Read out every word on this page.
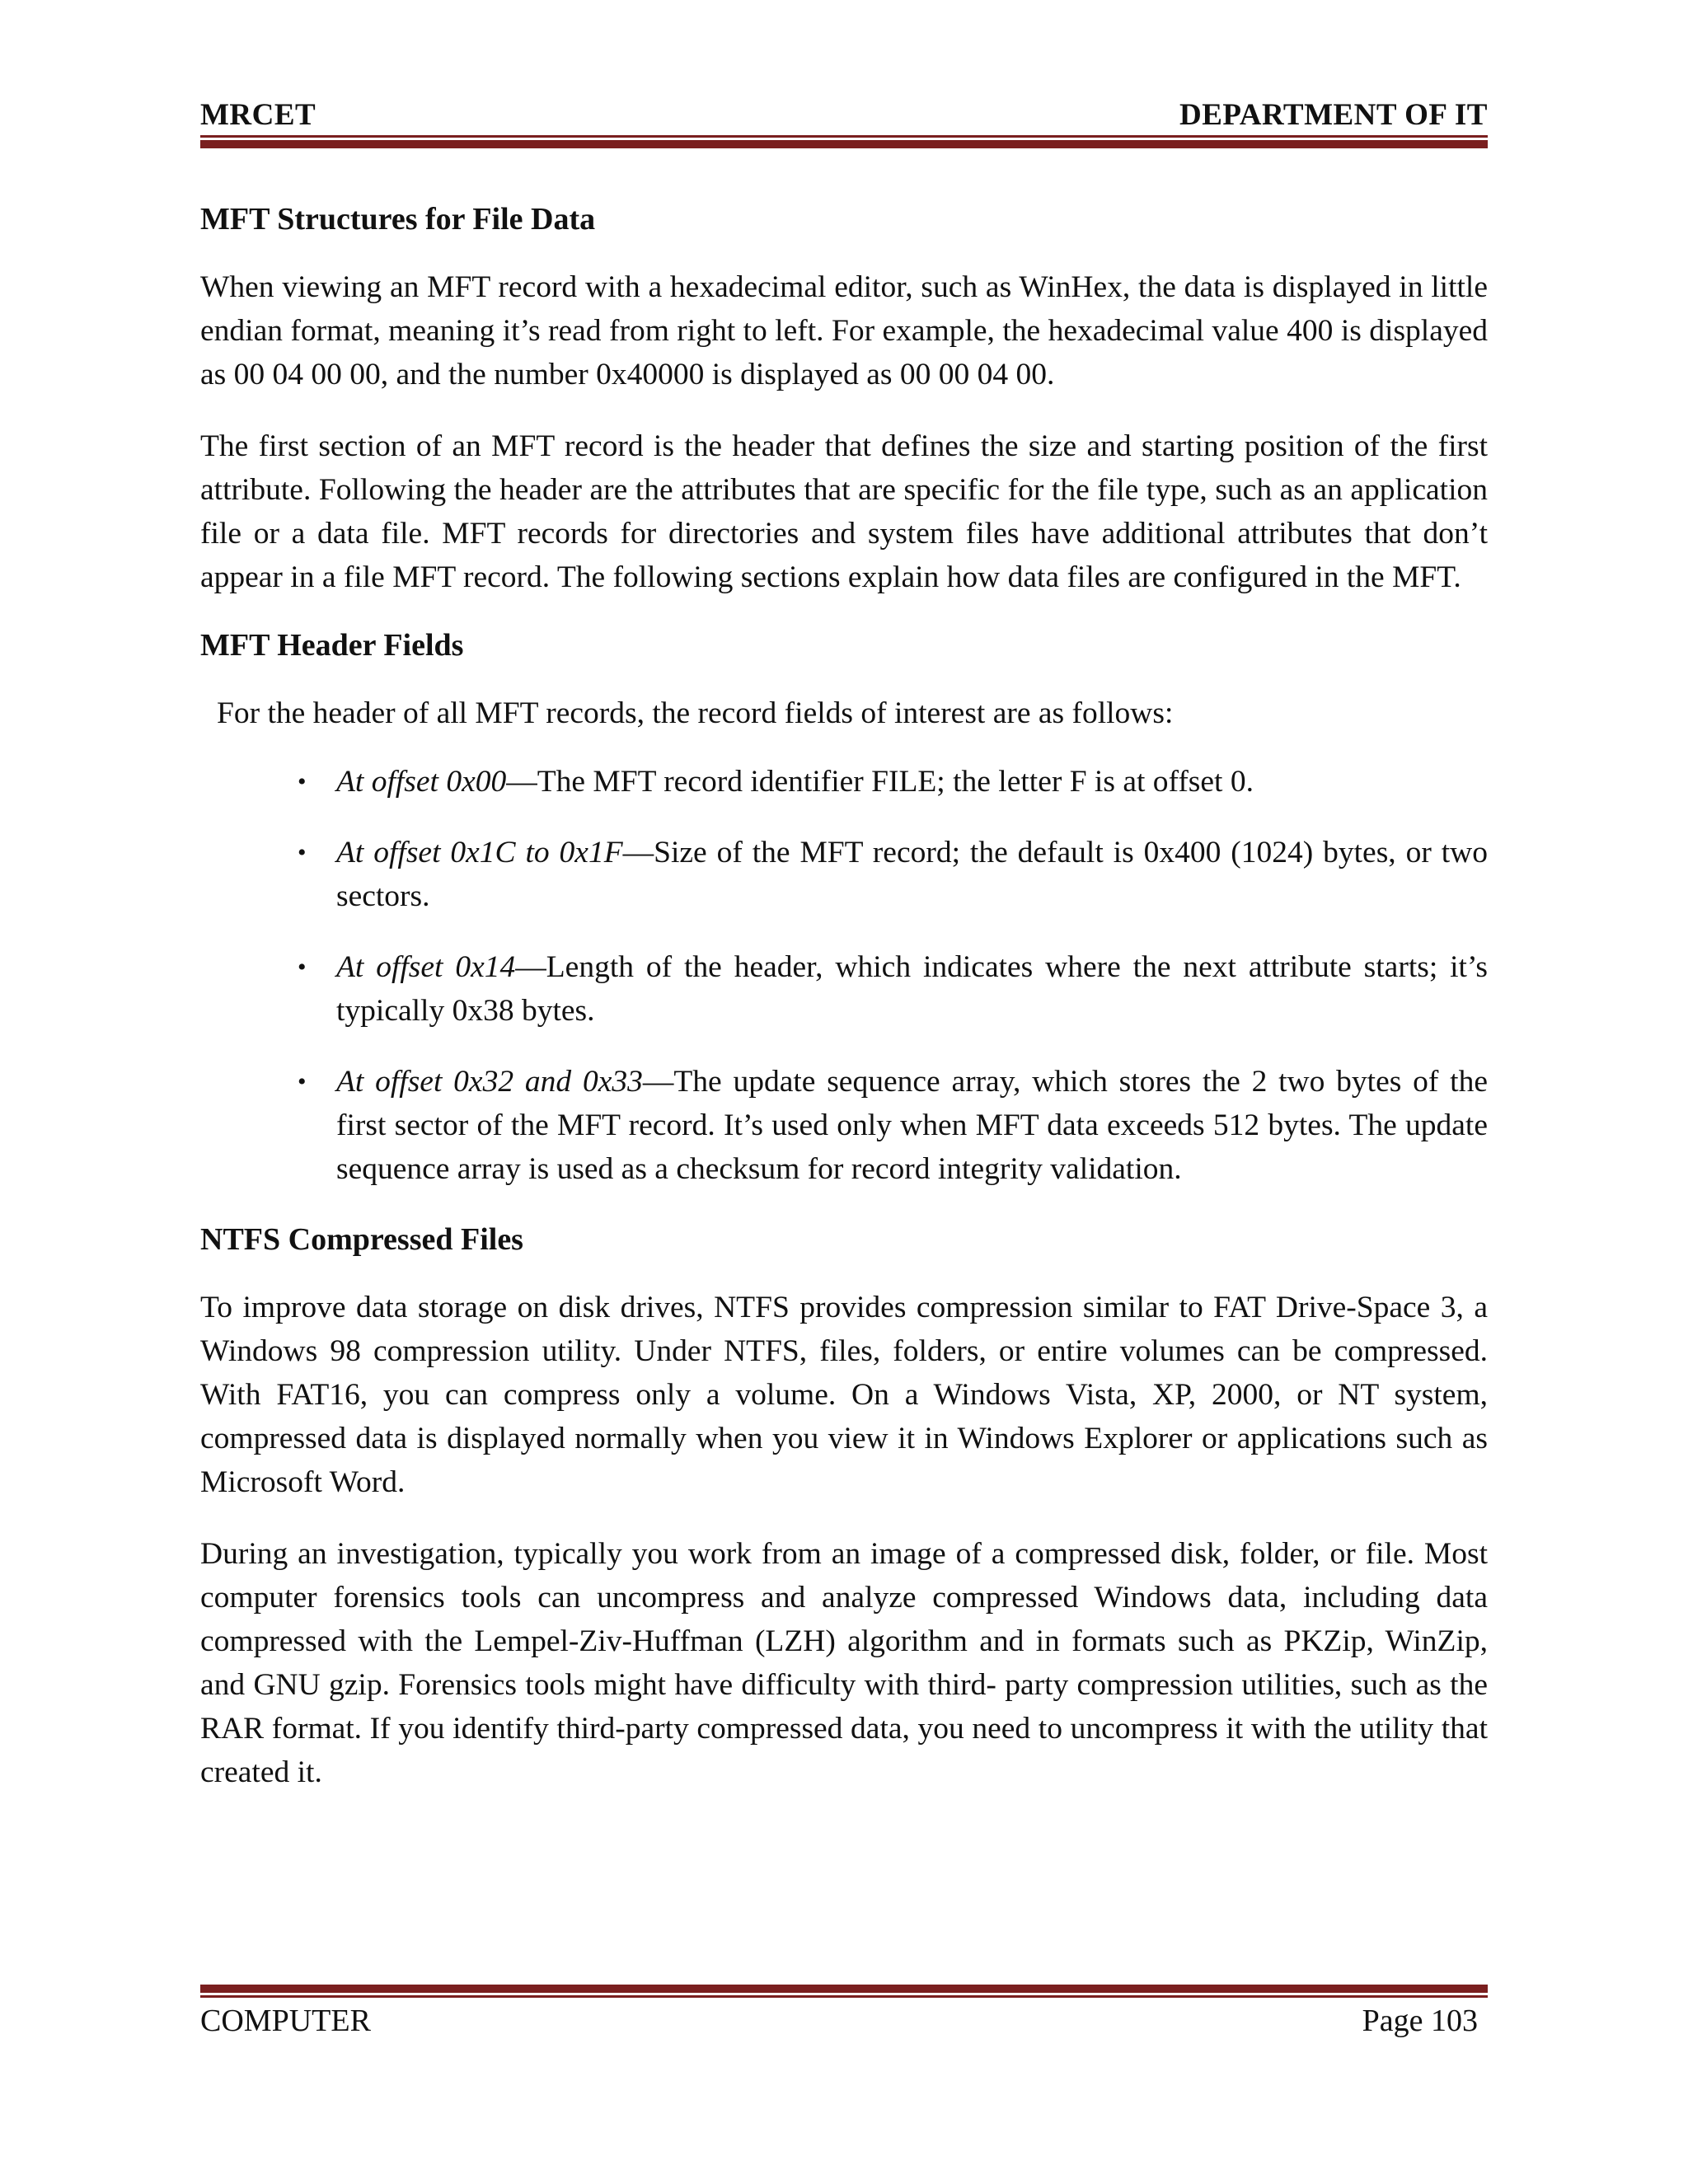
MRCET	DEPARTMENT OF IT
MFT Structures for File Data

When viewing an MFT record with a hexadecimal editor, such as WinHex, the data is displayed in little endian format, meaning it’s read from right to left. For example, the hexadecimal value 400 is displayed as 00 04 00 00, and the number 0x40000 is displayed as 00 00 04 00.

The first section of an MFT record is the header that defines the size and starting position of the first attribute. Following the header are the attributes that are specific for the file type, such as an application file or a data file. MFT records for directories and system files have additional attributes that don’t appear in a file MFT record. The following sections explain how data files are configured in the MFT.

MFT Header Fields

For the header of all MFT records, the record fields of interest are as follows:

• At offset 0x00—The MFT record identifier FILE; the letter F is at offset 0.
• At offset 0x1C to 0x1F—Size of the MFT record; the default is 0x400 (1024) bytes, or two sectors.
• At offset 0x14—Length of the header, which indicates where the next attribute starts; it’s typically 0x38 bytes.
• At offset 0x32 and 0x33—The update sequence array, which stores the 2 two bytes of the first sector of the MFT record. It’s used only when MFT data exceeds 512 bytes. The update sequence array is used as a checksum for record integrity validation.
NTFS Compressed Files

To improve data storage on disk drives, NTFS provides compression similar to FAT Drive-Space 3, a Windows 98 compression utility. Under NTFS, files, folders, or entire volumes can be compressed. With FAT16, you can compress only a volume. On a Windows Vista, XP, 2000, or NT system, compressed data is displayed normally when you view it in Windows Explorer or applications such as Microsoft Word.

During an investigation, typically you work from an image of a compressed disk, folder, or file. Most computer forensics tools can uncompress and analyze compressed Windows data, including data compressed with the Lempel-Ziv-Huffman (LZH) algorithm and in formats such as PKZip, WinZip, and GNU gzip. Forensics tools might have difficulty with third- party compression utilities, such as the RAR format. If you identify third-party compressed data, you need to uncompress it with the utility that created it.

COMPUTER	Page 103
